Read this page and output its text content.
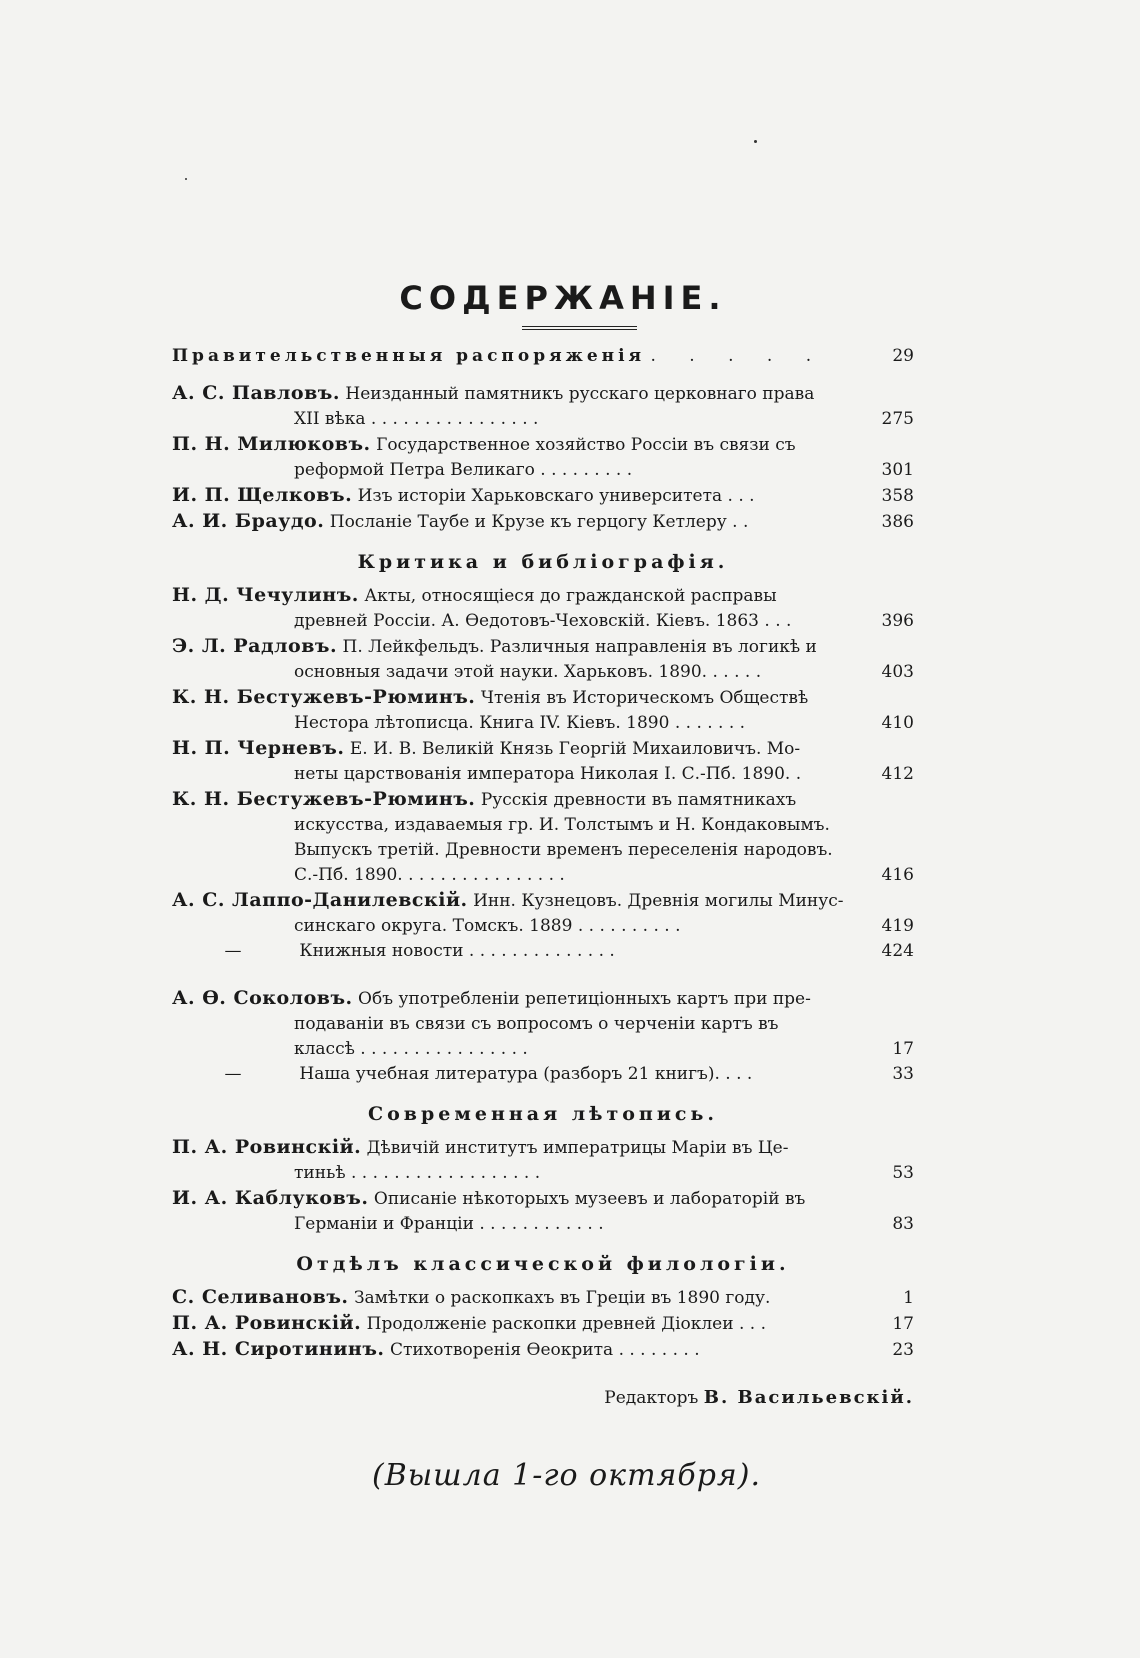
СОДЕРЖАНІЕ.
Правительственныя распоряженія . . . . .	29
А. С. Павловъ. Неизданный памятникъ русскаго церковнаго права
XII вѣка . . . . . . . . . . . . . . . .	275
П. Н. Милюковъ. Государственное хозяйство Россіи въ связи съ
реформой Петра Великаго . . . . . . . . .	301
И. П. Щелковъ. Изъ исторіи Харьковскаго университета . . .	358
А. И. Браудо. Посланіе Таубе и Крузе къ герцогу Кетлеру . .	386
Критика и библіографія.
Н. Д. Чечулинъ. Акты, относящіеся до гражданской расправы
древней Россіи. А. Ѳедотовъ-Чеховскій. Кіевъ. 1863 . . .	396
Э. Л. Радловъ. П. Лейкфельдъ. Различныя направленія въ логикѣ и
основныя задачи этой науки. Харьковъ. 1890. . . . . .	403
К. Н. Бестужевъ-Рюминъ. Чтенія въ Историческомъ Обществѣ
Нестора лѣтописца. Книга IV. Кіевъ. 1890 . . . . . . .	410
Н. П. Черневъ. Е. И. В. Великій Князь Георгій Михаиловичъ. Мо-
неты царствованія императора Николая I. С.-Пб. 1890. .	412
К. Н. Бестужевъ-Рюминъ. Русскія древности въ памятникахъ
искусства, издаваемыя гр. И. Толстымъ и Н. Кондаковымъ.
Выпускъ третій. Древности временъ переселенія народовъ.
С.-Пб. 1890. . . . . . . . . . . . . . . .	416
А. С. Лаппо-Данилевскій. Инн. Кузнецовъ. Древнія могилы Минус-
синскаго округа. Томскъ. 1889 . . . . . . . . . .	419
—	Книжныя новости . . . . . . . . . . . . . .	424
А. Ѳ. Соколовъ. Объ употребленіи репетиціонныхъ картъ при пре-
подаваніи въ связи съ вопросомъ о черченіи картъ въ
классѣ . . . . . . . . . . . . . . . .	17
—	Наша учебная литература (разборъ 21 книгъ). . . .	33
Современная лѣтопись.
П. А. Ровинскій. Дѣвичій институтъ императрицы Маріи въ Це-
тиньѣ . . . . . . . . . . . . . . . . . .	53
И. А. Каблуковъ. Описаніе нѣкоторыхъ музеевъ и лабораторій въ
Германіи и Франціи . . . . . . . . . . . .	83
Отдѣлъ классической филологіи.
С. Селивановъ. Замѣтки о раскопкахъ въ Греціи въ 1890 году.	1
П. А. Ровинскій. Продолженіе раскопки древней Діоклеи . . .	17
А. Н. Сиротининъ. Стихотворенія Ѳеокрита . . . . . . . .	23
Редакторъ В. Васильевскій.
(Вышла 1-го октября).
